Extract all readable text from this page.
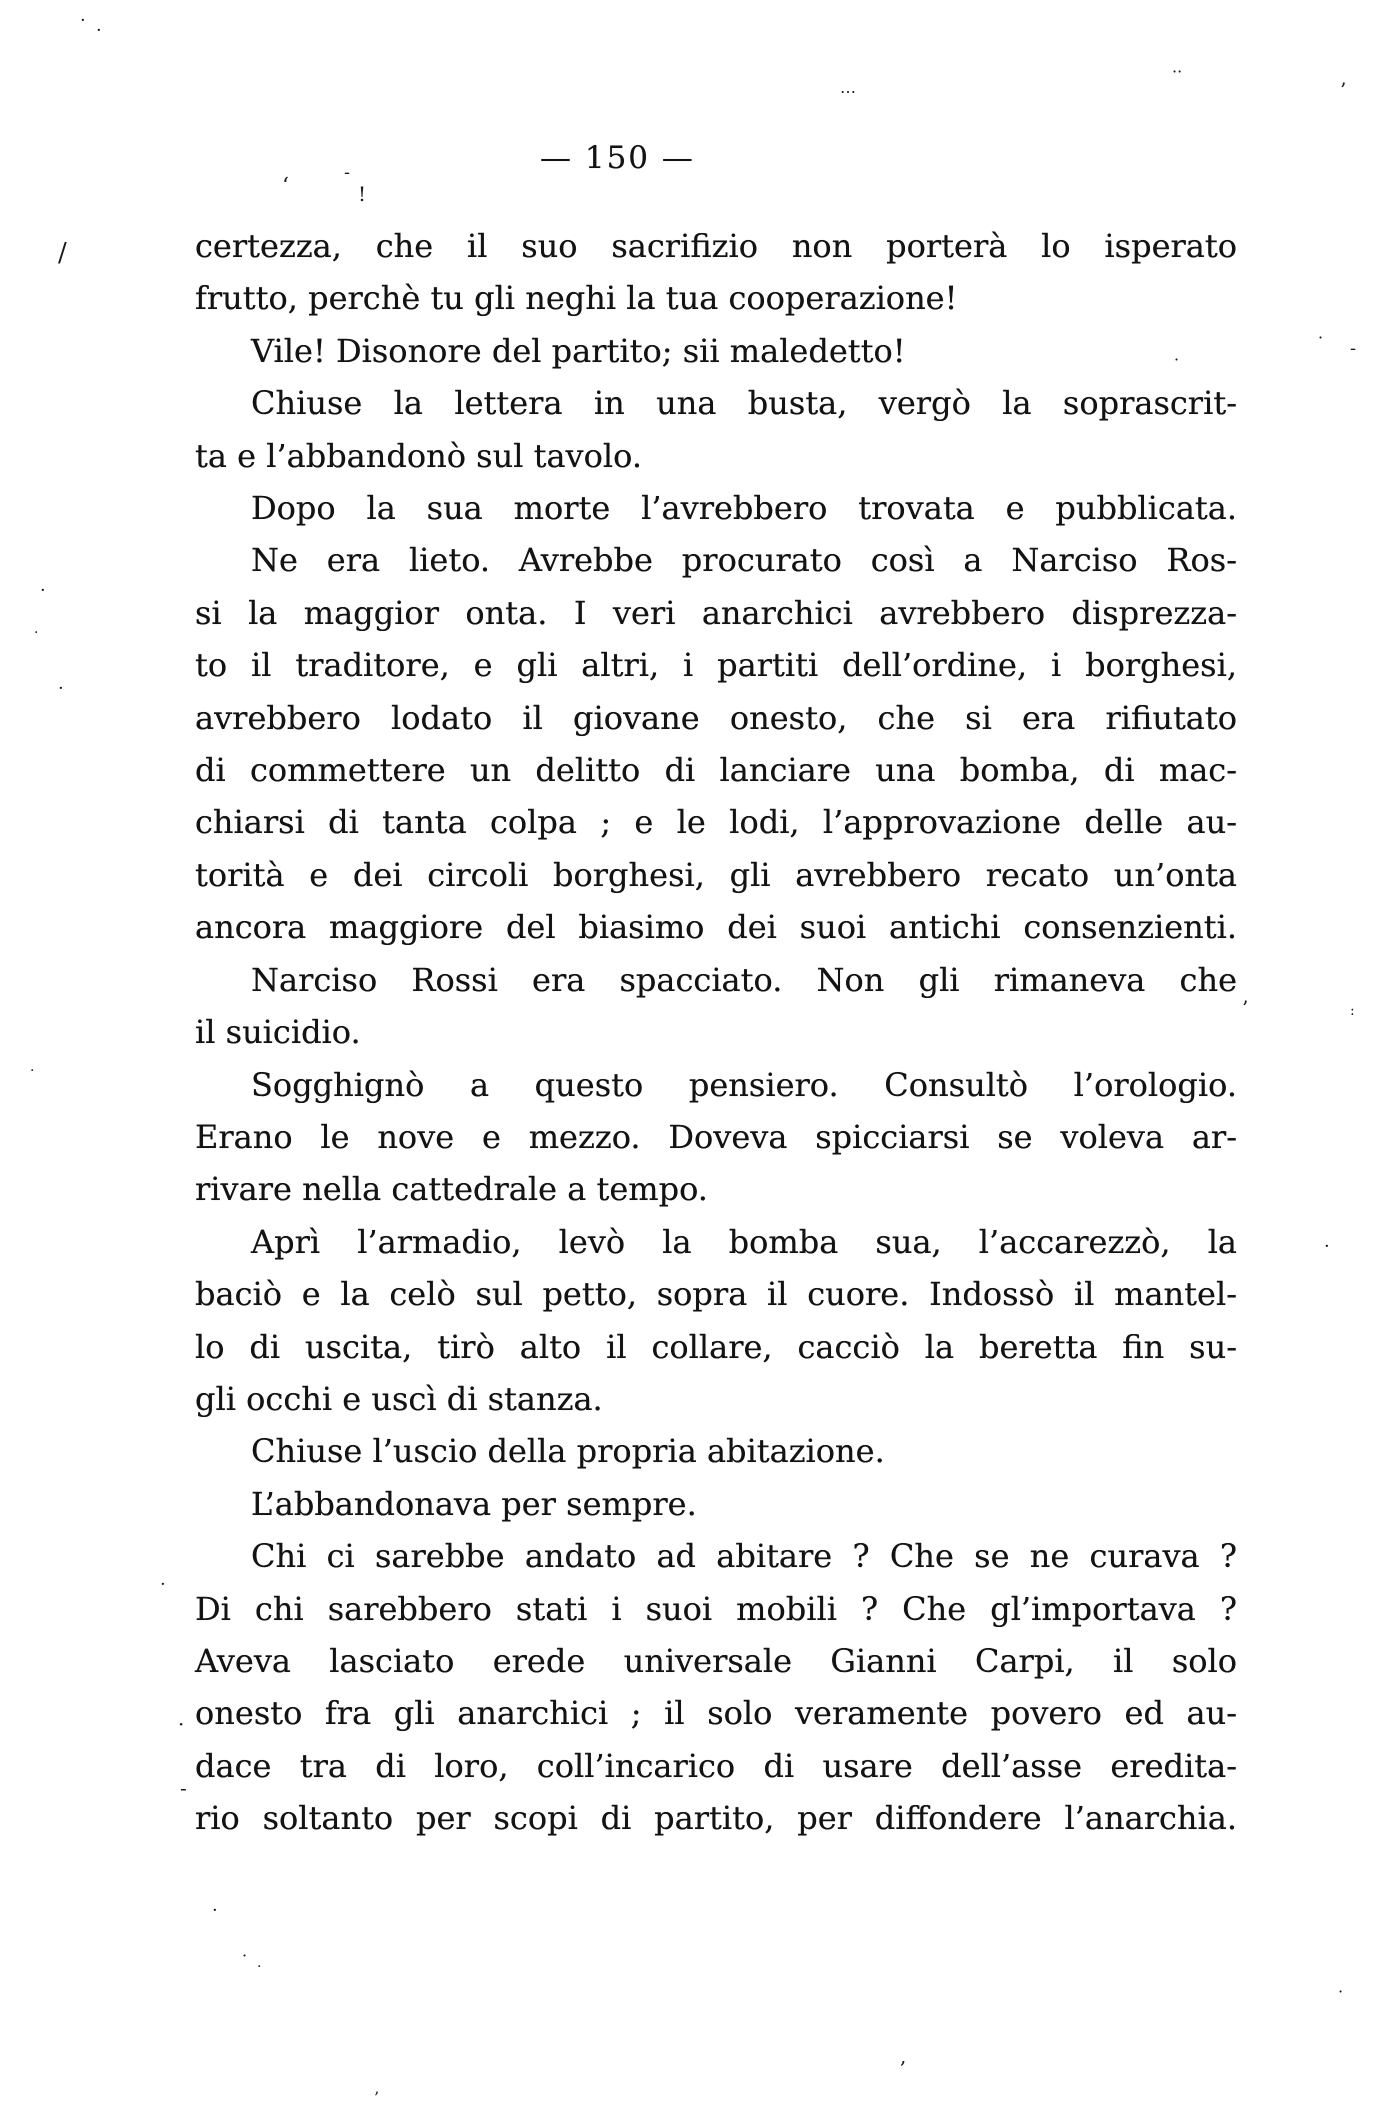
— 150 —
certezza, che il suo sacrifizio non porterà lo isperato
frutto, perchè tu gli neghi la tua cooperazione!
Vile! Disonore del partito; sii maledetto!
Chiuse la lettera in una busta, vergò la soprascrit-
ta e l’abbandonò sul tavolo.
Dopo la sua morte l’avrebbero trovata e pubblicata.
Ne era lieto. Avrebbe procurato così a Narciso Ros-
si la maggior onta. I veri anarchici avrebbero disprezza-
to il traditore, e gli altri, i partiti dell’ordine, i borghesi,
avrebbero lodato il giovane onesto, che si era rifiutato
di commettere un delitto di lanciare una bomba, di mac-
chiarsi di tanta colpa ; e le lodi, l’approvazione delle au-
torità e dei circoli borghesi, gli avrebbero recato un’onta
ancora maggiore del biasimo dei suoi antichi consenzienti.
Narciso Rossi era spacciato. Non gli rimaneva che
il suicidio.
Sogghignò a questo pensiero. Consultò l’orologio.
Erano le nove e mezzo. Doveva spicciarsi se voleva ar-
rivare nella cattedrale a tempo.
Aprì l’armadio, levò la bomba sua, l’accarezzò, la
baciò e la celò sul petto, sopra il cuore. Indossò il mantel-
lo di uscita, tirò alto il collare, cacciò la beretta fin su-
gli occhi e uscì di stanza.
Chiuse l’uscio della propria abitazione.
L’abbandonava per sempre.
Chi ci sarebbe andato ad abitare ? Che se ne curava ?
Di chi sarebbero stati i suoi mobili ? Che gl’importava ?
Aveva lasciato erede universale Gianni Carpi, il solo
onesto fra gli anarchici ; il solo veramente povero ed au-
dace tra di loro, coll’incarico di usare dell’asse eredita-
rio soltanto per scopi di partito, per diffondere l’anarchia.
· ·
…
··
’
‘
-
!
/
·
-
·
·
·
·
·
’	:
·
·
·
-
·
·
·
,
·
’
